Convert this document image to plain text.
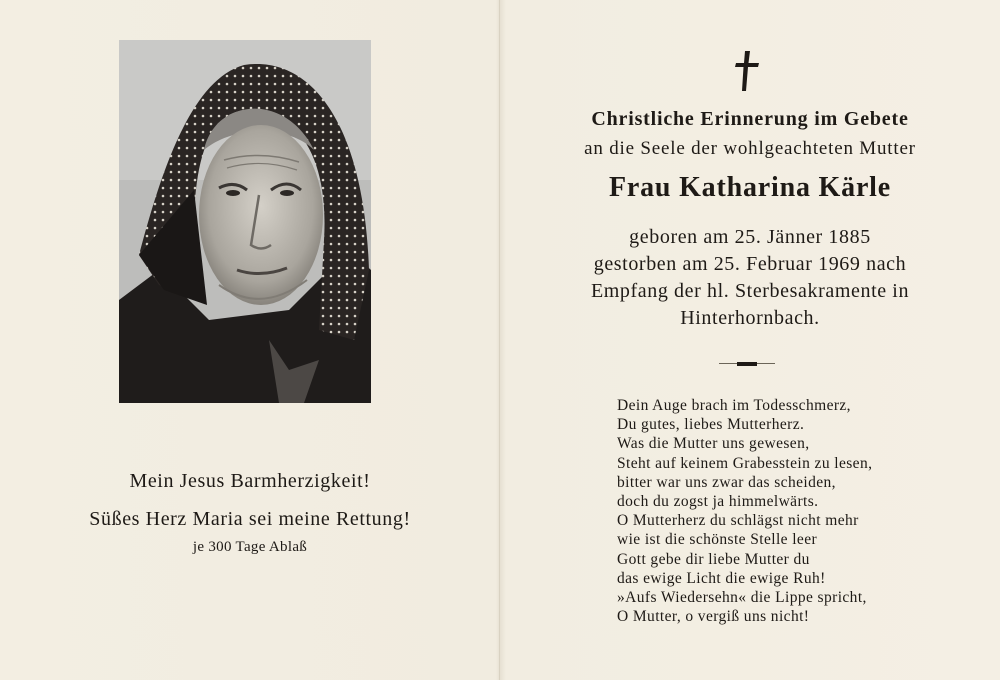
Mein Jesus Barmherzigkeit!
Süßes Herz Maria sei meine Rettung!
je 300 Tage Ablaß
Christliche Erinnerung im Gebete
an die Seele der wohlgeachteten Mutter
Frau Katharina Kärle
geboren am 25. Jänner 1885
gestorben am 25. Februar 1969 nach
Empfang der hl. Sterbesakramente in
Hinterhornbach.
Dein Auge brach im Todesschmerz,
Du gutes, liebes Mutterherz.
Was die Mutter uns gewesen,
Steht auf keinem Grabesstein zu lesen,
bitter war uns zwar das scheiden,
doch du zogst ja himmelwärts.
O Mutterherz du schlägst nicht mehr
wie ist die schönste Stelle leer
Gott gebe dir liebe Mutter du
das ewige Licht die ewige Ruh!
»Aufs Wiedersehn« die Lippe spricht,
O Mutter, o vergiß uns nicht!
